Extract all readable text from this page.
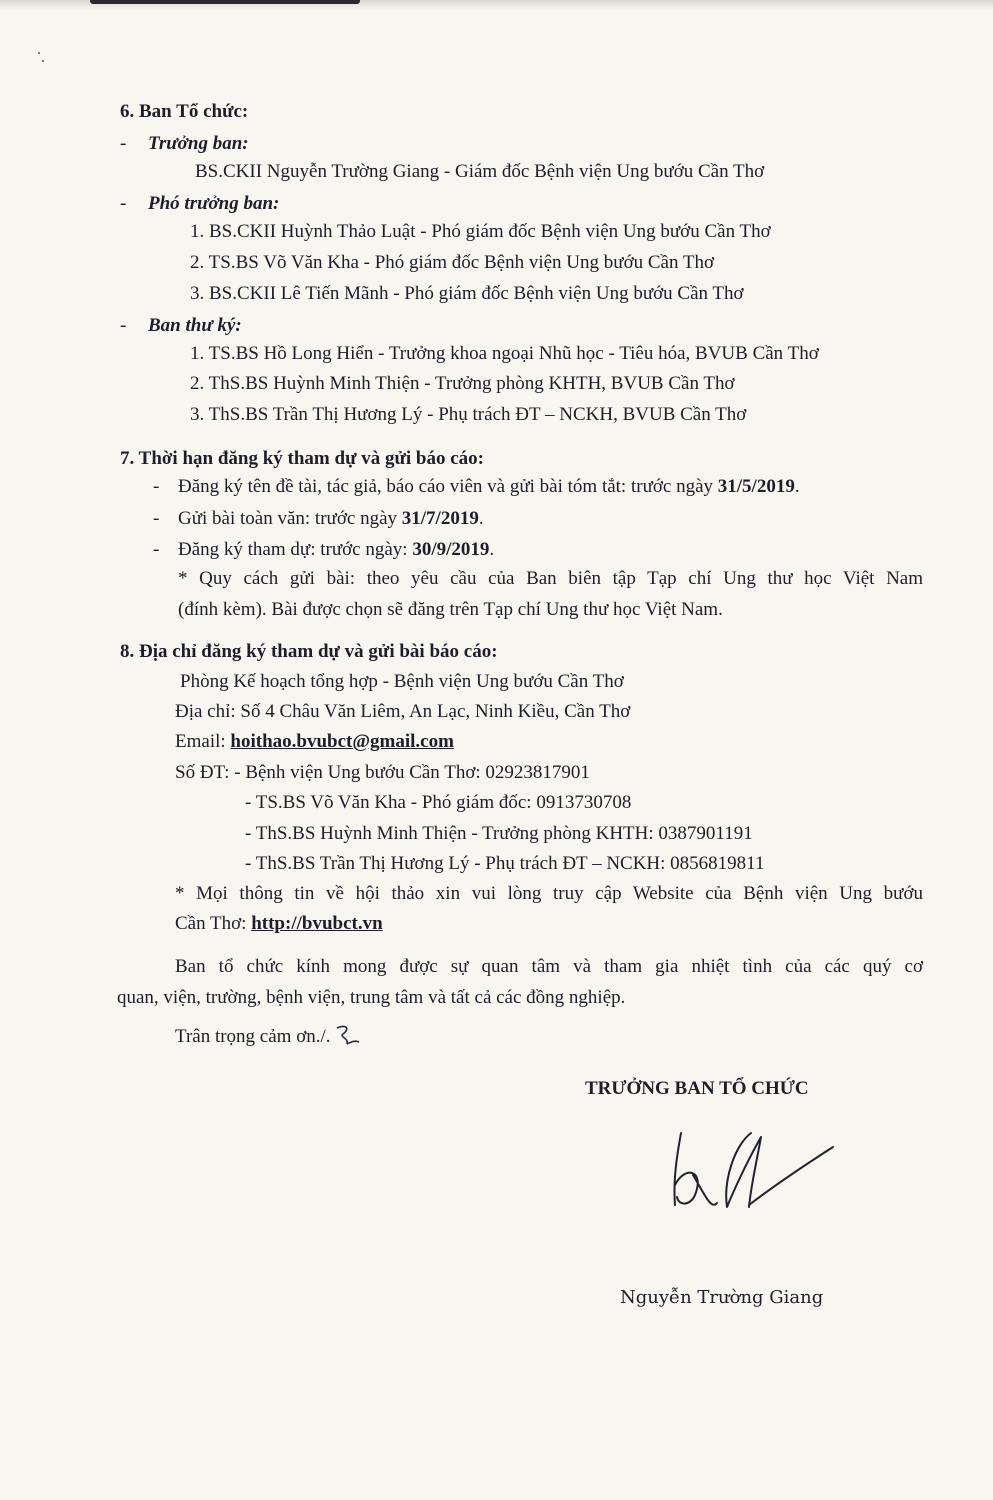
6. Ban Tổ chức:
- Trưởng ban:
BS.CKII Nguyễn Trường Giang - Giám đốc Bệnh viện Ung bướu Cần Thơ
- Phó trưởng ban:
1. BS.CKII Huỳnh Thảo Luật - Phó giám đốc Bệnh viện Ung bướu Cần Thơ
2. TS.BS Võ Văn Kha - Phó giám đốc Bệnh viện Ung bướu Cần Thơ
3. BS.CKII Lê Tiến Mãnh - Phó giám đốc Bệnh viện Ung bướu Cần Thơ
- Ban thư ký:
1. TS.BS Hồ Long Hiển - Trưởng khoa ngoại Nhũ học - Tiêu hóa, BVUB Cần Thơ
2. ThS.BS Huỳnh Minh Thiện - Trưởng phòng KHTH, BVUB Cần Thơ
3. ThS.BS Trần Thị Hương Lý - Phụ trách ĐT – NCKH, BVUB Cần Thơ
7. Thời hạn đăng ký tham dự và gửi báo cáo:
- Đăng ký tên đề tài, tác giả, báo cáo viên và gửi bài tóm tắt: trước ngày 31/5/2019.
- Gửi bài toàn văn: trước ngày 31/7/2019.
- Đăng ký tham dự: trước ngày: 30/9/2019.
* Quy cách gửi bài: theo yêu cầu của Ban biên tập Tạp chí Ung thư học Việt Nam
(đính kèm). Bài được chọn sẽ đăng trên Tạp chí Ung thư học Việt Nam.
8. Địa chỉ đăng ký tham dự và gửi bài báo cáo:
Phòng Kế hoạch tổng hợp - Bệnh viện Ung bướu Cần Thơ
Địa chỉ: Số 4 Châu Văn Liêm, An Lạc, Ninh Kiều, Cần Thơ
Email: hoithao.bvubct@gmail.com
Số ĐT: - Bệnh viện Ung bướu Cần Thơ: 02923817901
- TS.BS Võ Văn Kha - Phó giám đốc: 0913730708
- ThS.BS Huỳnh Minh Thiện - Trưởng phòng KHTH: 0387901191
- ThS.BS Trần Thị Hương Lý - Phụ trách ĐT – NCKH: 0856819811
* Mọi thông tin về hội thảo xin vui lòng truy cập Website của Bệnh viện Ung bướu
Cần Thơ: http://bvubct.vn
Ban tổ chức kính mong được sự quan tâm và tham gia nhiệt tình của các quý cơ
quan, viện, trường, bệnh viện, trung tâm và tất cả các đồng nghiệp.
Trân trọng cảm ơn./.
TRƯỞNG BAN TỔ CHỨC
Nguyễn Trường Giang
